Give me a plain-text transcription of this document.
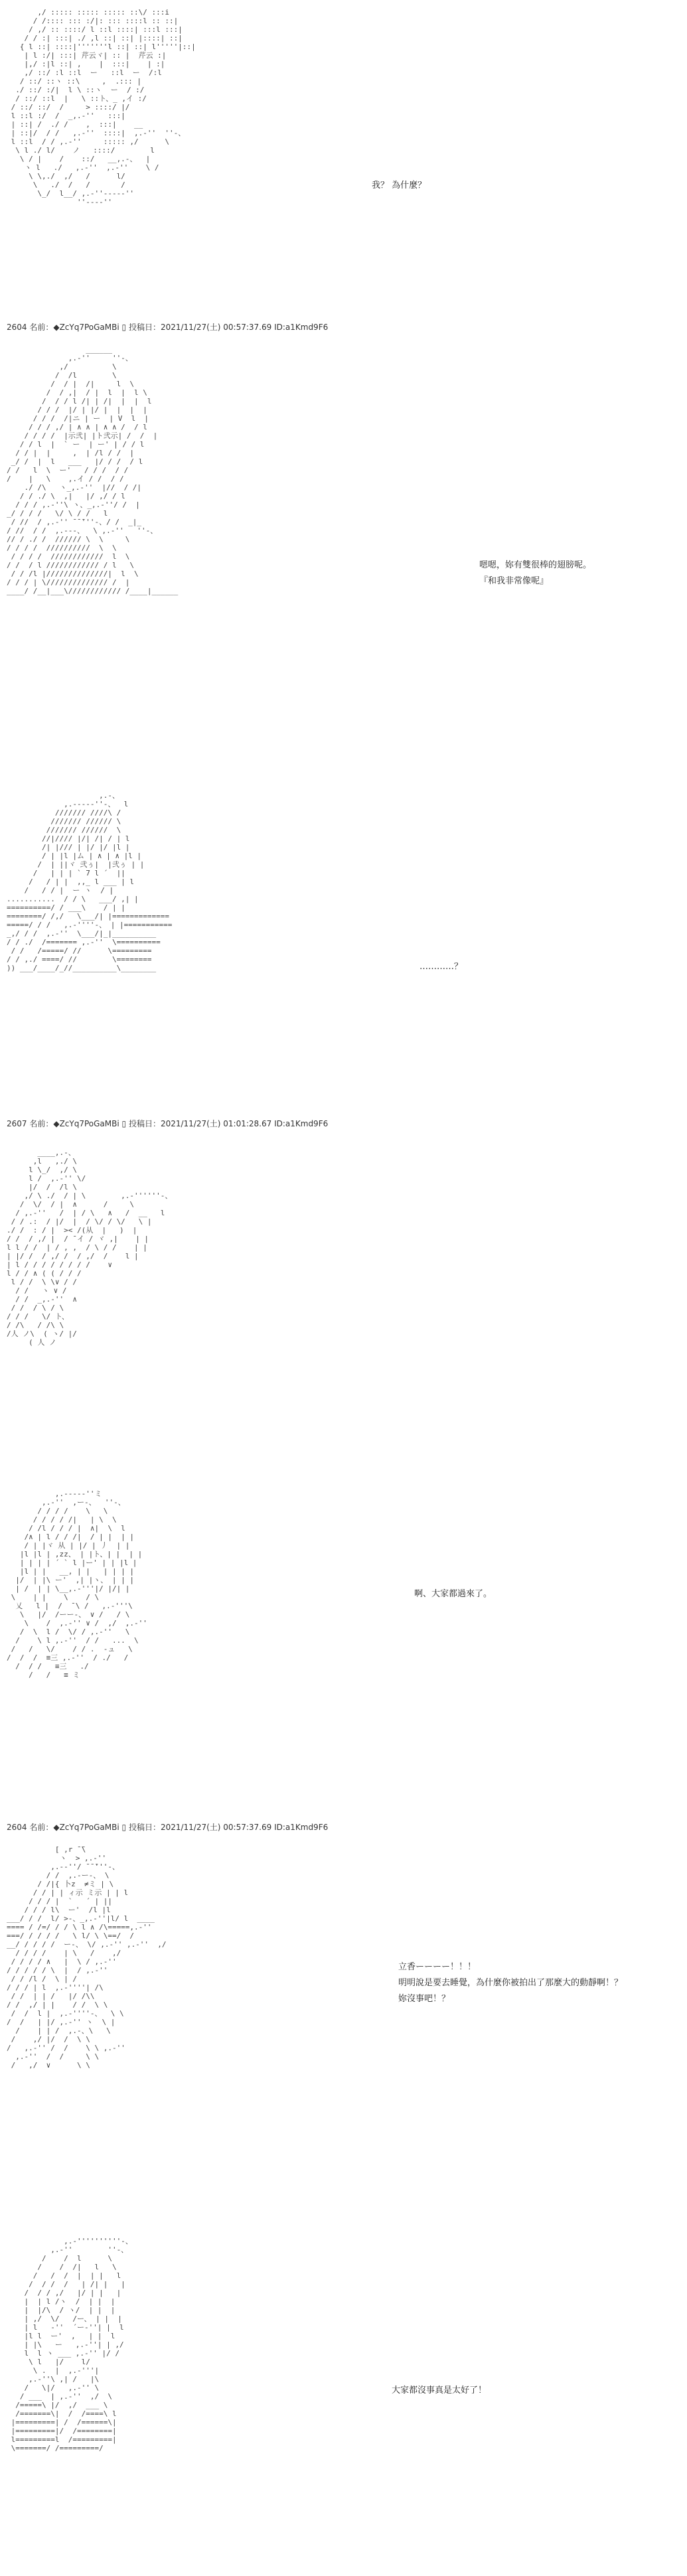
,/ ::::: ::::: ::::: ::\/ :::i
/ /:::: ::: :/|: ::: ::::l :: ::|
/ ,/ :: ::::/ l ::l ::::| :::l :::|
/ / :| :::| ./ ,l ::| ::| |::::| ::|
{ l ::| ::::|'''''''l ::| ::| l'''''|::|
| l :/| :::| 芹云ヾ| :: |  芹云 :|
|,/ :|l ::| ,    |  :::|    | :|
,/ ::/ :l ::l  ー   ::l  ー  /:l
/ ::/ ::ヽ ::\     ,  .::: |
./ ::/ :/|  l \ ::ヽ  ー  / :/
/ ::/ ::l  |   \ ::ト、_ ,イ :/
/ ::/ ::/  /     > ::::/ |/
l ::l :/  /  _,.-''   :::|
| ::| /  ./ /    ,  :::|    __
| ::|/  / /   ,.-''  ::::|  ,.-''  ''-、
l ::l  / / ,.-''     ::::: ,/      \
\ l ./ l/    ノ   ::::/        l
\ / |    /    ::/   __,.-、  |
ヽ l   ./   ,.-''  ,.-''    \ /
\ \,./  ,/   /      l/
\   ./  /   /       /
\_/  l__/ ,.-''-----''
''----''

我？ 為什麼？
2604 名前：◆ZcYq7PoGaMBi ▯ 投稿日：2021/11/27(土) 00:57:37.69 ID:a1Kmd9F6
______
,.-''     ''-、
,/          \
/  /l        \
/  / |  /|     l  \
/  / ,|  / |  l  |  l \
/  / / l /| | /|  |  |  l
/ / /  |/ | |/ |  |  |  |
/ / /  /|ニ | ー  | V  l  |
/ / / ,/ | ∧ ∧ | ∧ ∧ /  / l
/ / / /  |示弐| |ト弐示| /  /  |
/ / l  |  ` ー  | ー' | / / l
/ / |  |     ,  | /l / /  |
_/ /  |  l   ___   |/ / /  / l
/ /   l  \  ー'   / / /  / /
/    |   \    ,.イ / /  / /
./ /\   ヽ_,.-''  |//  / /|
/ / ./ \  ,|   |/ ,/ / l
/ / / ,.-''\ ヽ、_,.-''/ /  |
_/ / / /   \/ \ / /   l
/ //  / ,.-'' ̄ ̄ ̄'''-、/ /  _|_
/ //  / /  ,.---、  \ ,.-''   ''-、
// / ./ /  ////// \  \     \
/ / / /  //////////  \  \
/ / / /  ////////////  l  \
/ /  / l //////////// / l   \
/ / /l |//////////////|  l  \
/ / / | \////////////// /  |
____/ /__|___\//////////// /____|______

嗯嗯，妳有雙很棒的翅膀呢。
『和我非常像呢』
,.-、
,.-----''-、  l
/////// ////\ /
/////// ////// \
/////// //////  \
//|//// |/| /| / | l
/| |/// | |/ |/ |l |
/ | |l |ム | ∧ | ∧ |l |
/  | ||ヾ 弐ぅ|  |弐ぅ | |
/   | | | ` 7 l ´  ||
/   / | |  ,,_ l ___ | l
/   / / |  ー ヽ  / |
...........  / / \   ___/ ,| |
==========/ / ___\    / | |
========/ /,/   \___/| |=============
=====/ / /   ,.-''''-、 | |===========
_,/ / /  ,.-''  \___/|_|__________
/ / ./  /======= ,.-''  \==========
/ /   /=====/ //      \=========
/ / ,./ ====/ //        \========
)) ___/____/_//__________\________	…………？
2607 名前：◆ZcYq7PoGaMBi ▯ 投稿日：2021/11/27(土) 01:01:28.67 ID:a1Kmd9F6
____,.-、
,l   ,./ \
l \_/  ,/ \
l /  ,.-'' \/
|/  /  /l \
,/ \ ./  / | \        ,.-''''''-、
/  \/  / |  ∧      /     \
/ ,.-''   /  | / \   ∧   /  __   l
/ / .:  / |/  |  / \/ / \/   \ |
./ /  : / |  >< /(从  |   )  |
/ /  / ,/ |  / ̄ イ / ヾ ,|    | |
l l / /  | / , ,  / \ / /    | |
| |/ /  / ,/ /  / ,/  /    l |
| l / / / / / / / /    ∨
l / / ∧ ( ( / / /
l / /  \ \∨ / /
/ /   ヽ ∨ /
/ /  _,.-''  ∧
/ /  / \ / \
/ / /   \/ ト、
/ /\   / /\ \
/人 ノ\  ( ヽ/ |/
( 人 ノ

,.-----''ミ
,.-''  ,ー-、  ''-、
/ / / /    \   \
/ / / / /|   | \  \
/ /l / / / |  ∧|  \  l
/∧ | l / / /|  / | |  | |
/ | |ヾ 从 | |/ | 丿  | |
|l |l | ,zz、 | |ト、| |  | |
| | | | ´ ` l |ー' | | |l |
|l | |   __, | |   | | | |
|/  | |\ ー'  ,| |ヽ、 | | |
| /  | | \__,.-'''|/ |/| |
\    | |    \    / \
乂   l |  /  ̄ \ /   ,.-'''\
\   |/  /ーー-、 ∨ /   / \
\    /  ,.-'' ∨ /  ,/  ,.-''
/  \  l /  \/ / ,.-''   \
/    \ l ,.-''  / /   ...  \
/   /   \/    / / .  -ュ   \
/  /  /  ≡三 ,.-''  / ./   /
/  / /   ≡三   ./
/   /   ≡ ミ

啊、大家都過來了。
2604 名前：◆ZcYq7PoGaMBi ▯ 投稿日：2021/11/27(土) 00:57:37.69 ID:a1Kmd9F6
[ ,r ̄ ̄\
ヽ  > ,.-''
,.--''/ ̄ ̄ ̄'''-、
/ /  ,.-ー-、 \
/ /|{ 卜z  ≠ミ | \
/ / | | ィ示 ミ示 | | l
/ / / |  `   ´ | ||
/ / / l\  ー'  /l |l
___/ / /  l/ >-、_,.-''|l/ l  ____
==== / /=/ / / \ l ∧ /\=====,.-''
===/ / / / /   \ l/ \ \==/  /
__/ / / / /  ー-、 \/ ,.-'' ,.-''  ,/
/ / / /    | \   /    ,/
/ / / / ∧   |  \ / ,.-''
/ / / / / \  |  / ,.-''
/ / /l /  \ | /
/ / / | l  ,.-''''| /\
/ /  | | /   |/ /\\
/ /  ,/ | |    / /  \ \
/  /  l |  ,.-''''-、  \ \
/  /   | |/ ,.-'' ヽ  \ |
/    | | /  ,.-、\   \
/    ,/ |/  /  \ \
/   ,.-'' /  /    \ \ ,.-''
,.-''  /  /     \ \
/   ,/  ∨      \ \

立香ーーーー！！！
明明說是要去睡覺，為什麼你被拍出了那麼大的動靜啊！？
妳沒事吧！？
,.-''''''''''-、
,.-''        ''-、
/    /  l      \
/    /  /|   l   \
/   /  /  |  | |   l
/  / /  /   | /| |   |
/  / / ,/   |/ | |   |
|  | l /ヽ  /  | |  |
|  |/\  / ヽ/  | |  |
| ,/  \/   /ー、 | |  |
| l   ‐''  ´ー-''| |  l
|l l  ー'  ,   | |  l
| |\   ー   ,.-''| | ,/
l  l ヽ ___ ,.-'' |/ /
\ l   |/    l/
\ .  |  ,.-'''|
,.-''\ ,| /   |\
/   \|/   ,.-'' \
/ ___  | ,.-''  ,/  \
/=====\ |/  ,/  ___ \
/=======\|  /  /====\ l
|=========| /  /======\|
|=========|/  /========|
l=========l  /=========|
\=======/ /=========/

大家都沒事真是太好了！
